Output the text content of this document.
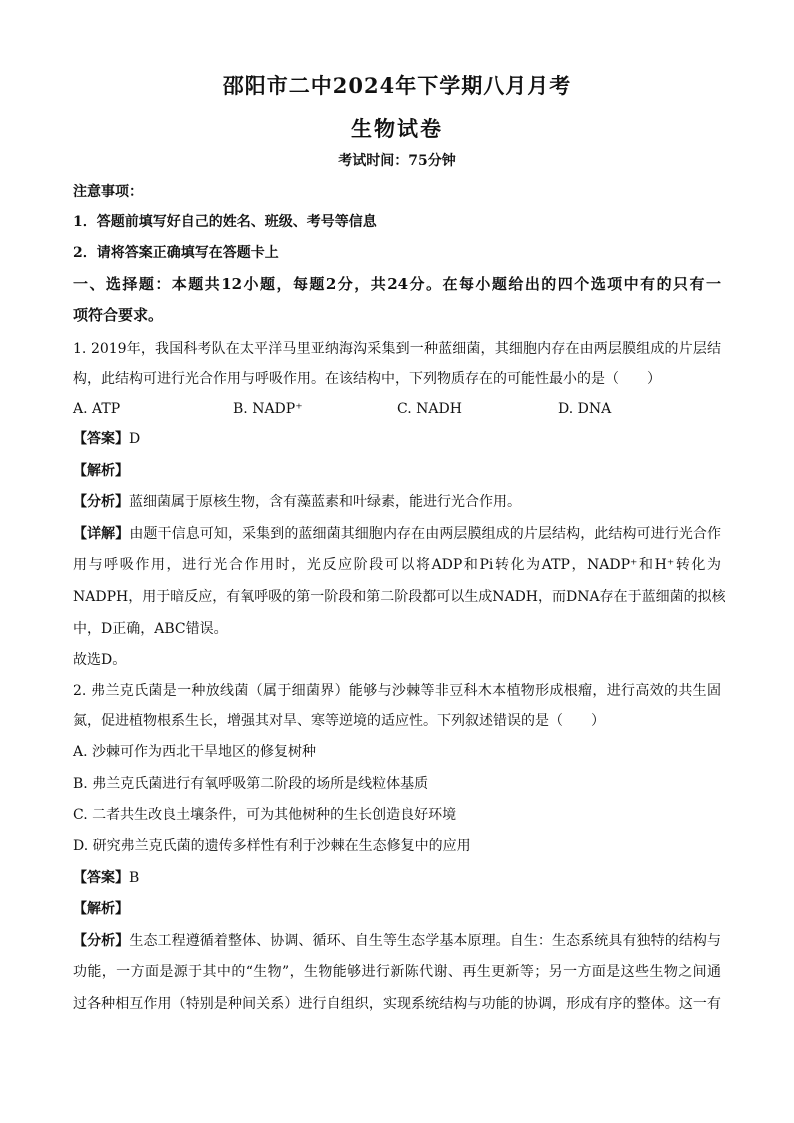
邵阳市二中2024年下学期八月月考
生物试卷
考试时间：75分钟
注意事项：
1．答题前填写好自己的姓名、班级、考号等信息
2．请将答案正确填写在答题卡上
一、选择题：本题共12小题，每题2分，共24分。在每小题给出的四个选项中有的只有一
项符合要求。
1. 2019年，我国科考队在太平洋马里亚纳海沟采集到一种蓝细菌，其细胞内存在由两层膜组成的片层结
构，此结构可进行光合作用与呼吸作用。在该结构中，下列物质存在的可能性最小的是（　　）
A. ATP	B. NADP⁺	C. NADH	D. DNA
【答案】D
【解析】
【分析】蓝细菌属于原核生物，含有藻蓝素和叶绿素，能进行光合作用。
【详解】由题干信息可知，采集到的蓝细菌其细胞内存在由两层膜组成的片层结构，此结构可进行光合作
用与呼吸作用，进行光合作用时，光反应阶段可以将ADP和Pi转化为ATP，NADP⁺和H⁺转化为
NADPH，用于暗反应，有氧呼吸的第一阶段和第二阶段都可以生成NADH，而DNA存在于蓝细菌的拟核
中，D正确，ABC错误。
故选D。
2. 弗兰克氏菌是一种放线菌（属于细菌界）能够与沙棘等非豆科木本植物形成根瘤，进行高效的共生固
氮，促进植物根系生长，增强其对旱、寒等逆境的适应性。下列叙述错误的是（　　）
A. 沙棘可作为西北干旱地区的修复树种
B. 弗兰克氏菌进行有氧呼吸第二阶段的场所是线粒体基质
C. 二者共生改良土壤条件，可为其他树种的生长创造良好环境
D. 研究弗兰克氏菌的遗传多样性有利于沙棘在生态修复中的应用
【答案】B
【解析】
【分析】生态工程遵循着整体、协调、循环、自生等生态学基本原理。自生：生态系统具有独特的结构与
功能，一方面是源于其中的“生物”，生物能够进行新陈代谢、再生更新等；另一方面是这些生物之间通
过各种相互作用（特别是种间关系）进行自组织，实现系统结构与功能的协调，形成有序的整体。这一有
